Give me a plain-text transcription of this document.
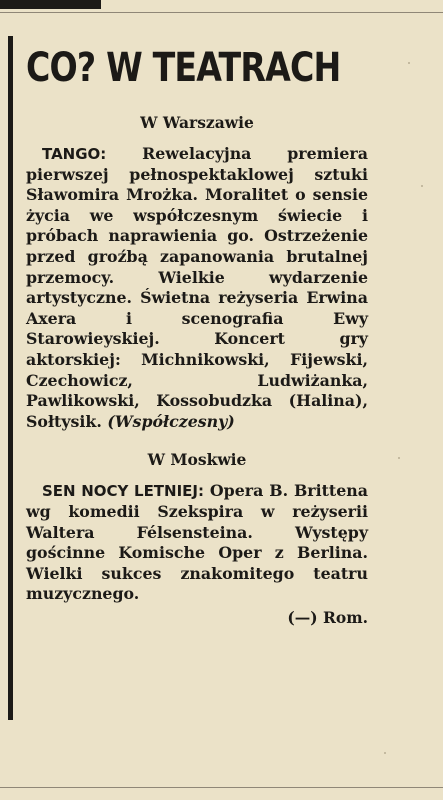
CO? W TEATRACH
W Warszawie

TANGO: Rewelacyjna premiera pierwszej pełnospektaklowej sztuki Sławomira Mrożka. Moralitet o sensie życia we współczesnym świecie i próbach naprawienia go. Ostrzeżenie przed groźbą zapanowania brutalnej przemocy. Wielkie wydarzenie artystyczne. Świetna reżyseria Erwina Axera i scenografia Ewy Starowieyskiej. Koncert gry aktorskiej: Michnikowski, Fijewski, Czechowicz, Ludwiżanka, Pawlikowski, Kossobudzka (Halina), Sołtysik. (Współczesny)

W Moskwie

SEN NOCY LETNIEJ: Opera B. Brittena wg komedii Szekspira w reżyserii Waltera Félsensteina. Występy gościnne Komische Oper z Berlina. Wielki sukces znakomitego teatru muzycznego.

(—) Rom.
